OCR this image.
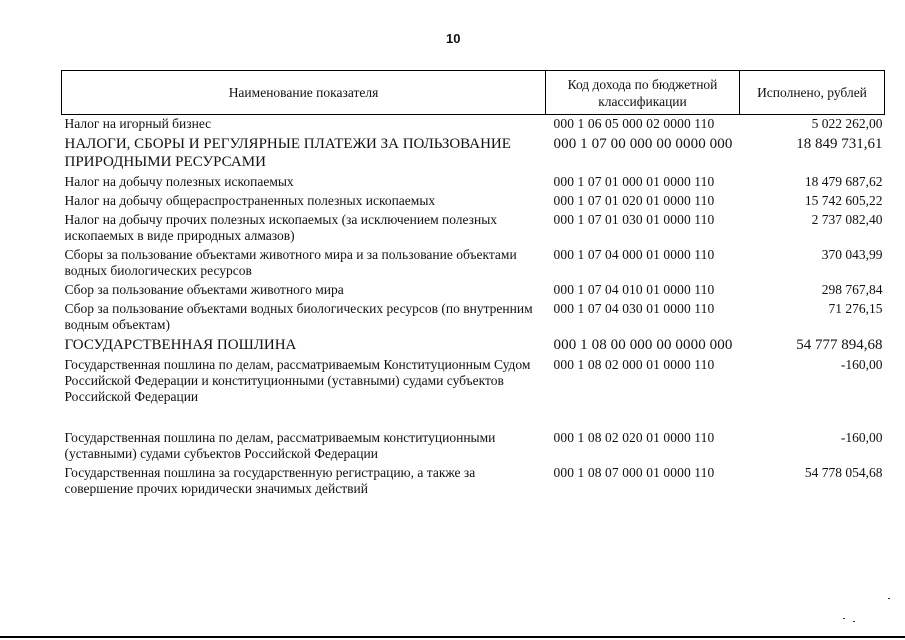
10
Наименование показателя	Код дохода по бюджетной классификации	Исполнено, рублей
Налог на игорный бизнес	000 1 06 05 000 02 0000 110	5 022 262,00
НАЛОГИ, СБОРЫ И РЕГУЛЯРНЫЕ ПЛАТЕЖИ ЗА ПОЛЬЗОВАНИЕ ПРИРОДНЫМИ РЕСУРСАМИ	000 1 07 00 000 00 0000 000	18 849 731,61
Налог на добычу полезных ископаемых	000 1 07 01 000 01 0000 110	18 479 687,62
Налог на добычу общераспространенных полезных ископаемых	000 1 07 01 020 01 0000 110	15 742 605,22
Налог на добычу прочих полезных ископаемых (за исключением полезных ископаемых в виде природных алмазов)	000 1 07 01 030 01 0000 110	2 737 082,40
Сборы за пользование объектами животного мира и за пользование объектами водных биологических ресурсов	000 1 07 04 000 01 0000 110	370 043,99
Сбор за пользование объектами животного мира	000 1 07 04 010 01 0000 110	298 767,84
Сбор за пользование объектами водных биологических ресурсов (по внутренним водным объектам)	000 1 07 04 030 01 0000 110	71 276,15
ГОСУДАРСТВЕННАЯ ПОШЛИНА	000 1 08 00 000 00 0000 000	54 777 894,68
Государственная пошлина по делам, рассматриваемым Конституционным Судом Российской Федерации и конституционными (уставными) судами субъектов Российской Федерации	000 1 08 02 000 01 0000 110	-160,00
Государственная пошлина по делам, рассматриваемым конституционными (уставными) судами субъектов Российской Федерации	000 1 08 02 020 01 0000 110	-160,00
Государственная пошлина за государственную регистрацию, а также за совершение прочих юридически значимых действий	000 1 08 07 000 01 0000 110	54 778 054,68
